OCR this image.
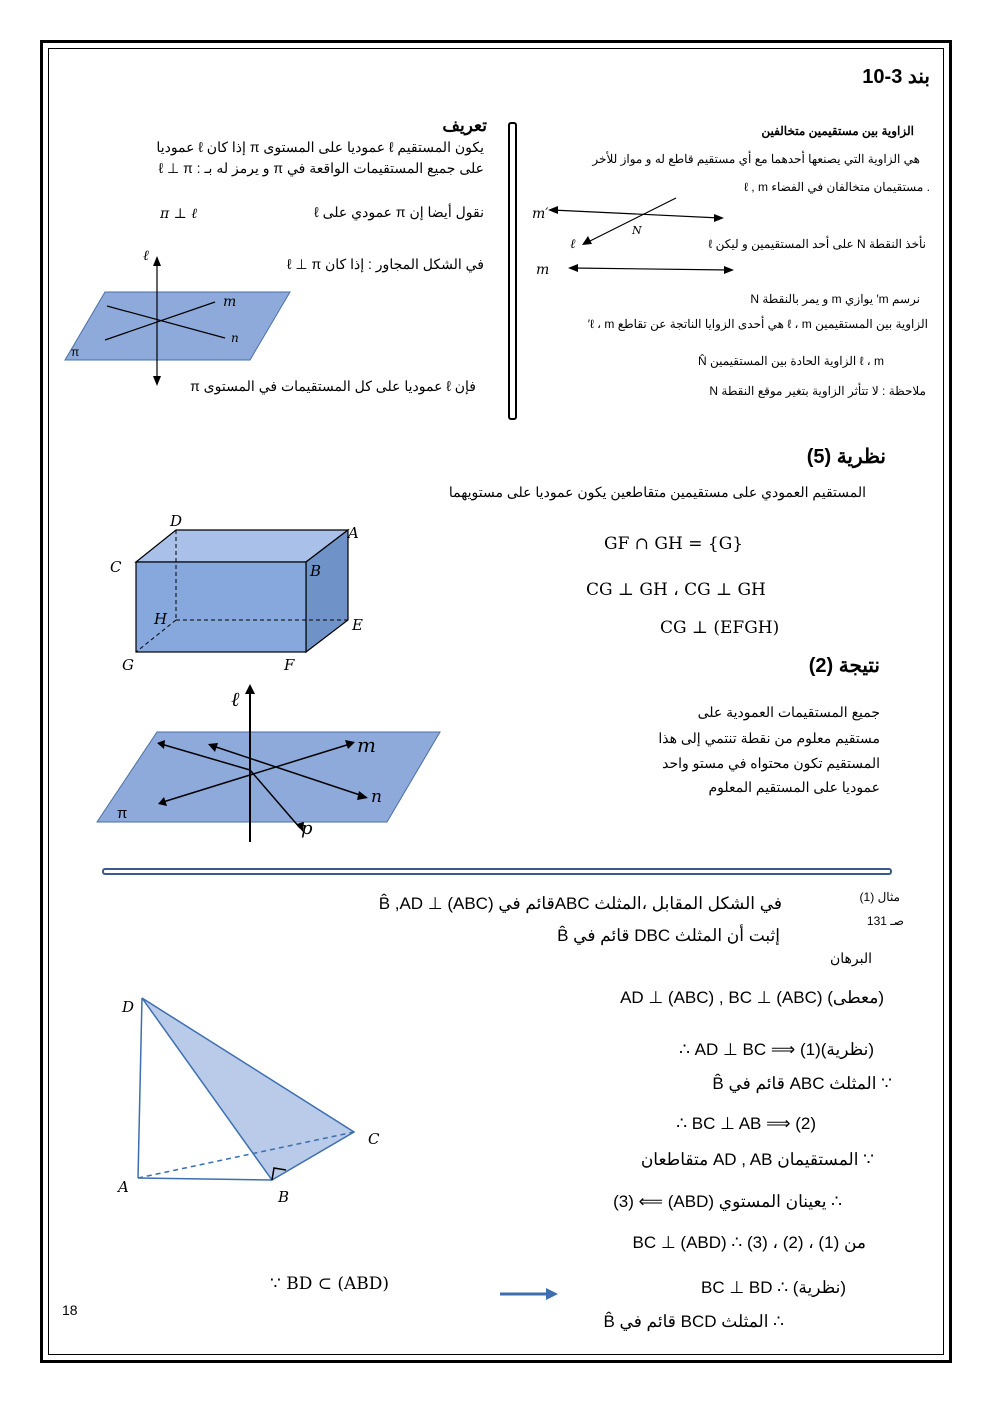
بند 3-10
تعريف
يكون المستقيم ℓ عموديا على المستوى π إذا كان ℓ عموديا
على جميع المستقيمات الواقعة في π و يرمز له بـ : ℓ ⊥ π
نقول أيضا إن π عمودي على ℓ
π ⊥ ℓ
في الشكل المجاور : إذا كان ℓ ⊥ π
فإن ℓ عموديا على كل المستقيمات في المستوى π
ℓ
m
n
π
الزاوية بين مستقيمين متخالفين
هي الزاوية التي يصنعها أحدهما مع أي مستقيم قاطع له و مواز للأخر
ℓ , m مستقيمان متخالفان في الفضاء .
نأخذ النقطة N على أحد المستقيمين و ليكن ℓ
نرسم m′ يوازي m و يمر بالنقطة N
الزاوية بين المستقيمين ℓ ، m هي أحدى الزوايا الناتجة عن تقاطع ℓ ، m′
N̂ الزاوية الحادة بين المستقيمين ℓ ، m
ملاحظة : لا تتأثر الزاوية بتغير موقع النقطة N
m′
ℓ
N
m
نظرية (5)
المستقيم العمودي على مستقيمين متقاطعين يكون عموديا على مستويهما
GF ∩ GH = {G}
CG ⊥ GH ، CG ⊥ GH
CG ⊥ (EFGH)
D
A
C	B
H	E
G	F	نتيجة (2)
جميع المستقيمات العمودية على
مستقيم معلوم من نقطة تنتمي إلى هذا
المستقيم تكون محتواه في مستو واحد
عموديا على المستقيم المعلوم
ℓ
m
n
p
π
مثال (1)
صـ 131
في الشكل المقابل ،المثلث ABCقائم في B̂ ,AD ⊥ (ABC)
إثبت أن المثلث DBC قائم في B̂
البرهان
(معطى) AD ⊥ (ABC) , BC ⊥ (ABC)
(نظرية)(1) ⟹ AD ⊥ BC ∴
∵ المثلث ABC قائم في B̂
∴ BC ⊥ AB ⟹ (2)
∵ المستقيمان AD , AB متقاطعان
∴ يعينان المستوي (ABD) ⟸ (3)
من (1) ، (2) ، (3) ∴ BC ⊥ (ABD)
∵ BD ⊂ (ABD)	(نظرية) ∴ BC ⊥ BD
∴ المثلث BCD قائم في B̂
D
A
B
C
18
